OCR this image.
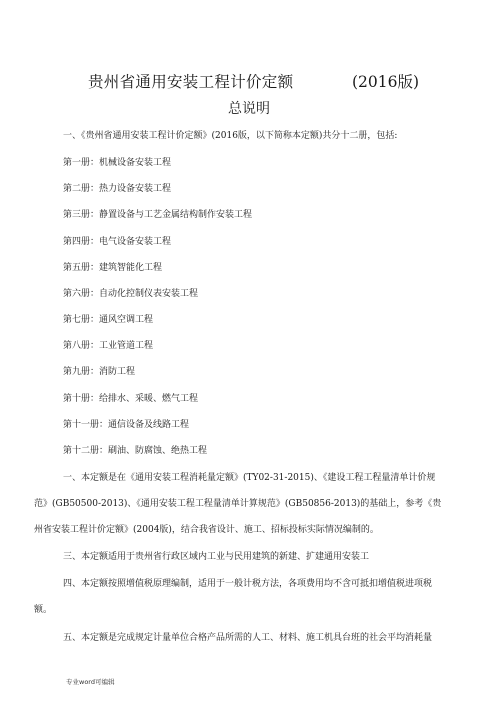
贵州省通用安装工程计价定额	(2016版)
总说明
一、《贵州省通用安装工程计价定额》(2016版，以下简称本定额)共分十二册，包括:
第一册：机械设备安装工程
第二册：热力设备安装工程
第三册：静置设备与工艺金属结构制作安装工程
第四册：电气设备安装工程
第五册：建筑智能化工程
第六册：自动化控制仪表安装工程
第七册：通风空调工程
第八册：工业管道工程
第九册：消防工程
第十册：给排水、采暖、燃气工程
第十一册：通信设备及线路工程
第十二册：刷油、防腐蚀、绝热工程
一、本定额是在《通用安装工程消耗量定额》(TY02-31-2015)、《建设工程工程量清单计价规
范》(GB50500-2013)、《通用安装工程工程量清单计算规范》(GB50856-2013)的基础上，参考《贵
州省安装工程计价定额》(2004版)，结合我省设计、施工、招标投标实际情况编制的。
三、本定额适用于贵州省行政区域内工业与民用建筑的新建、扩建通用安装工
四、本定额按照增值税原理编制，适用于一般计税方法，各项费用均不含可抵扣增值税进项税
额。
五、本定额是完成规定计量单位合格产品所需的人工、材料、施工机具台班的社会平均消耗量
专业word可编辑
